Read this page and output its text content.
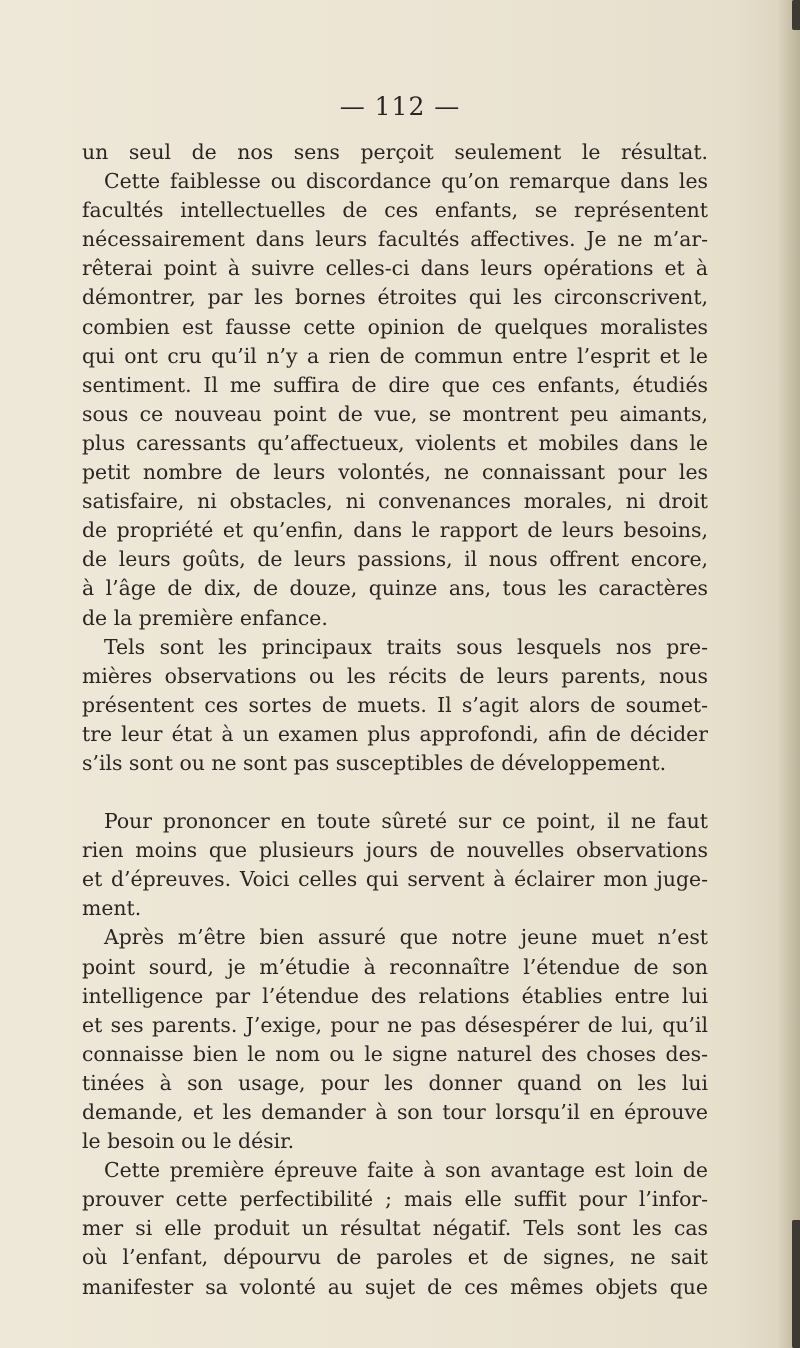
— 112 —
un seul de nos sens perçoit seulement le résultat.
Cette faiblesse ou discordance qu’on remarque dans les
facultés intellectuelles de ces enfants, se représentent
nécessairement dans leurs facultés affectives. Je ne m’ar-
rêterai point à suivre celles-ci dans leurs opérations et à
démontrer, par les bornes étroites qui les circonscrivent,
combien est fausse cette opinion de quelques moralistes
qui ont cru qu’il n’y a rien de commun entre l’esprit et le
sentiment. Il me suffira de dire que ces enfants, étudiés
sous ce nouveau point de vue, se montrent peu aimants,
plus caressants qu’affectueux, violents et mobiles dans le
petit nombre de leurs volontés, ne connaissant pour les
satisfaire, ni obstacles, ni convenances morales, ni droit
de propriété et qu’enfin, dans le rapport de leurs besoins,
de leurs goûts, de leurs passions, il nous offrent encore,
à l’âge de dix, de douze, quinze ans, tous les caractères
de la première enfance.
Tels sont les principaux traits sous lesquels nos pre-
mières observations ou les récits de leurs parents, nous
présentent ces sortes de muets. Il s’agit alors de soumet-
tre leur état à un examen plus approfondi, afin de décider
s’ils sont ou ne sont pas susceptibles de développement.
Pour prononcer en toute sûreté sur ce point, il ne faut
rien moins que plusieurs jours de nouvelles observations
et d’épreuves. Voici celles qui servent à éclairer mon juge-
ment.
Après m’être bien assuré que notre jeune muet n’est
point sourd, je m’étudie à reconnaître l’étendue de son
intelligence par l’étendue des relations établies entre lui
et ses parents. J’exige, pour ne pas désespérer de lui, qu’il
connaisse bien le nom ou le signe naturel des choses des-
tinées à son usage, pour les donner quand on les lui
demande, et les demander à son tour lorsqu’il en éprouve
le besoin ou le désir.
Cette première épreuve faite à son avantage est loin de
prouver cette perfectibilité ; mais elle suffit pour l’infor-
mer si elle produit un résultat négatif. Tels sont les cas
où l’enfant, dépourvu de paroles et de signes, ne sait
manifester sa volonté au sujet de ces mêmes objets que
